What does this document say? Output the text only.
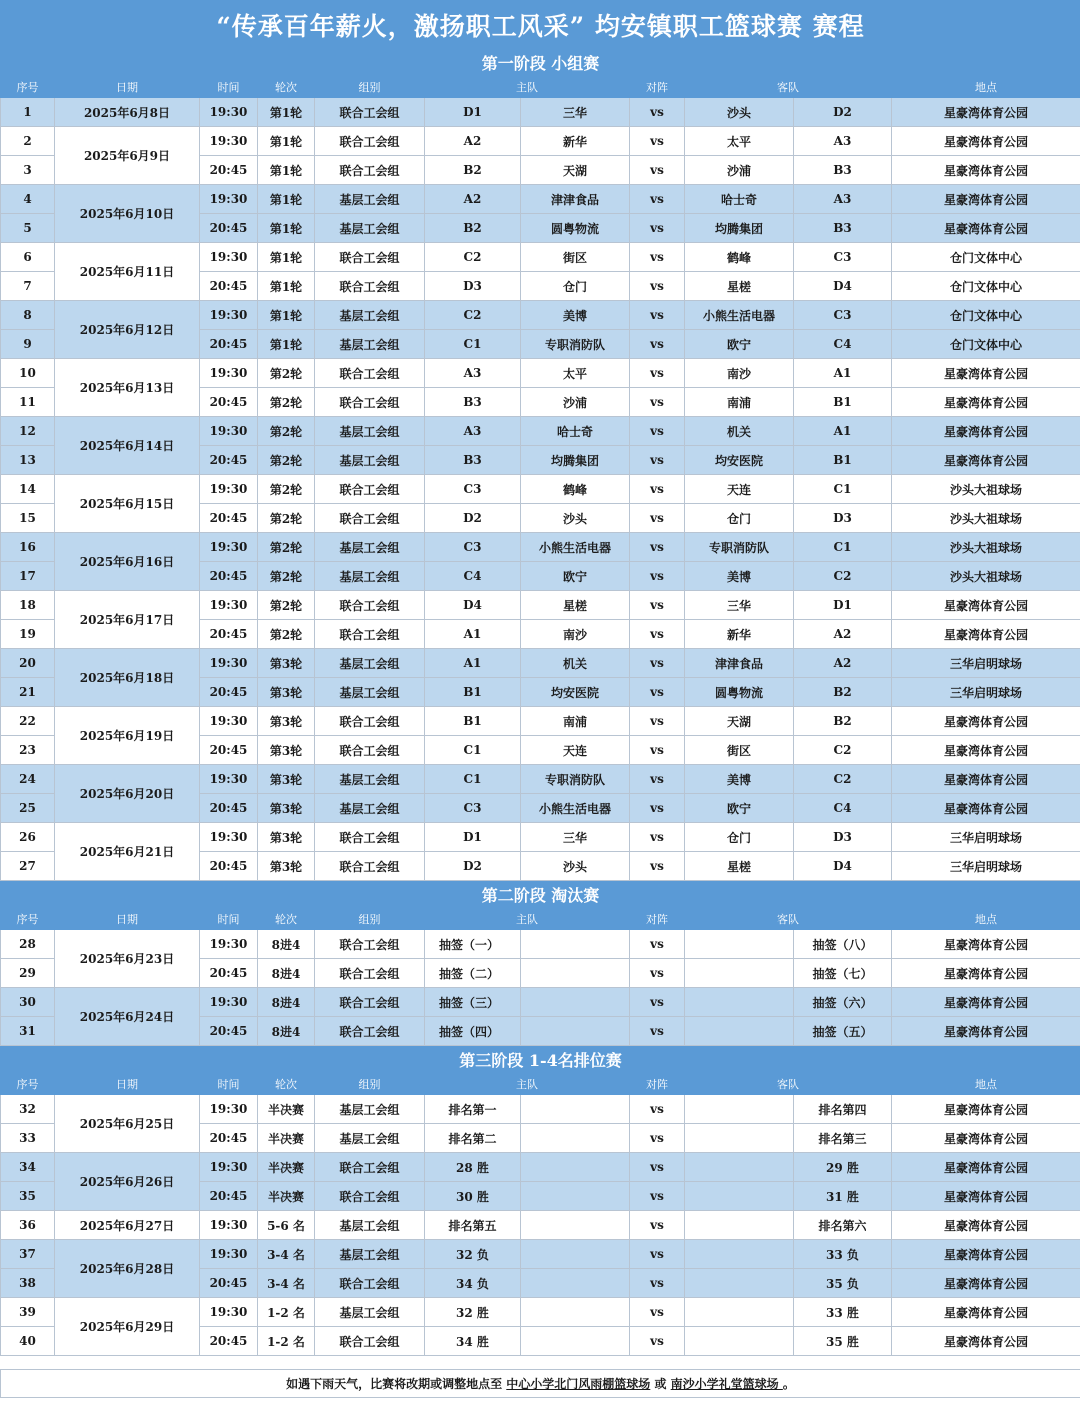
“传承百年薪火，激扬职工风采” 均安镇职工篮球赛 赛程										
第一阶段 小组赛										
序号	日期	时间	轮次	组别	主队		对阵	客队		地点
1	2025年6月8日	19:30	第1轮	联合工会组	D1	三华	vs	沙头	D2	星豪湾体育公园
2	2025年6月9日	19:30	第1轮	联合工会组	A2	新华	vs	太平	A3	星豪湾体育公园
3		20:45	第1轮	联合工会组	B2	天湖	vs	沙浦	B3	星豪湾体育公园
4	2025年6月10日	19:30	第1轮	基层工会组	A2	津津食品	vs	哈士奇	A3	星豪湾体育公园
5		20:45	第1轮	基层工会组	B2	圆粤物流	vs	均腾集团	B3	星豪湾体育公园
6	2025年6月11日	19:30	第1轮	联合工会组	C2	街区	vs	鹤峰	C3	仓门文体中心
7		20:45	第1轮	联合工会组	D3	仓门	vs	星槎	D4	仓门文体中心
8	2025年6月12日	19:30	第1轮	基层工会组	C2	美博	vs	小熊生活电器	C3	仓门文体中心
9		20:45	第1轮	基层工会组	C1	专职消防队	vs	欧宁	C4	仓门文体中心
10	2025年6月13日	19:30	第2轮	联合工会组	A3	太平	vs	南沙	A1	星豪湾体育公园
11		20:45	第2轮	联合工会组	B3	沙浦	vs	南浦	B1	星豪湾体育公园
12	2025年6月14日	19:30	第2轮	基层工会组	A3	哈士奇	vs	机关	A1	星豪湾体育公园
13		20:45	第2轮	基层工会组	B3	均腾集团	vs	均安医院	B1	星豪湾体育公园
14	2025年6月15日	19:30	第2轮	联合工会组	C3	鹤峰	vs	天连	C1	沙头大祖球场
15		20:45	第2轮	联合工会组	D2	沙头	vs	仓门	D3	沙头大祖球场
16	2025年6月16日	19:30	第2轮	基层工会组	C3	小熊生活电器	vs	专职消防队	C1	沙头大祖球场
17		20:45	第2轮	基层工会组	C4	欧宁	vs	美博	C2	沙头大祖球场
18	2025年6月17日	19:30	第2轮	联合工会组	D4	星槎	vs	三华	D1	星豪湾体育公园
19		20:45	第2轮	联合工会组	A1	南沙	vs	新华	A2	星豪湾体育公园
20	2025年6月18日	19:30	第3轮	基层工会组	A1	机关	vs	津津食品	A2	三华启明球场
21		20:45	第3轮	基层工会组	B1	均安医院	vs	圆粤物流	B2	三华启明球场
22	2025年6月19日	19:30	第3轮	联合工会组	B1	南浦	vs	天湖	B2	星豪湾体育公园
23		20:45	第3轮	联合工会组	C1	天连	vs	街区	C2	星豪湾体育公园
24	2025年6月20日	19:30	第3轮	基层工会组	C1	专职消防队	vs	美博	C2	星豪湾体育公园
25		20:45	第3轮	基层工会组	C3	小熊生活电器	vs	欧宁	C4	星豪湾体育公园
26	2025年6月21日	19:30	第3轮	联合工会组	D1	三华	vs	仓门	D3	三华启明球场
27		20:45	第3轮	联合工会组	D2	沙头	vs	星槎	D4	三华启明球场
第二阶段 淘汰赛										
序号	日期	时间	轮次	组别	主队		对阵	客队		地点
28	2025年6月23日	19:30	8进4	联合工会组	抽签（一）		vs		抽签（八）	星豪湾体育公园
29		20:45	8进4	联合工会组	抽签（二）		vs		抽签（七）	星豪湾体育公园
30	2025年6月24日	19:30	8进4	联合工会组	抽签（三）		vs		抽签（六）	星豪湾体育公园
31		20:45	8进4	联合工会组	抽签（四）		vs		抽签（五）	星豪湾体育公园
第三阶段 1-4名排位赛										
序号	日期	时间	轮次	组别	主队		对阵	客队		地点
32	2025年6月25日	19:30	半决赛	基层工会组	排名第一		vs		排名第四	星豪湾体育公园
33		20:45	半决赛	基层工会组	排名第二		vs		排名第三	星豪湾体育公园
34	2025年6月26日	19:30	半决赛	联合工会组	28 胜		vs		29 胜	星豪湾体育公园
35		20:45	半决赛	联合工会组	30 胜		vs		31 胜	星豪湾体育公园
36	2025年6月27日	19:30	5-6 名	基层工会组	排名第五		vs		排名第六	星豪湾体育公园
37	2025年6月28日	19:30	3-4 名	基层工会组	32 负		vs		33 负	星豪湾体育公园
38		20:45	3-4 名	联合工会组	34 负		vs		35 负	星豪湾体育公园
39	2025年6月29日	19:30	1-2 名	基层工会组	32 胜		vs		33 胜	星豪湾体育公园
40		20:45	1-2 名	联合工会组	34 胜		vs		35 胜	星豪湾体育公园

如遇下雨天气，比赛将改期或调整地点至 中心小学北门风雨棚篮球场 或 南沙小学礼堂篮球场 。										
